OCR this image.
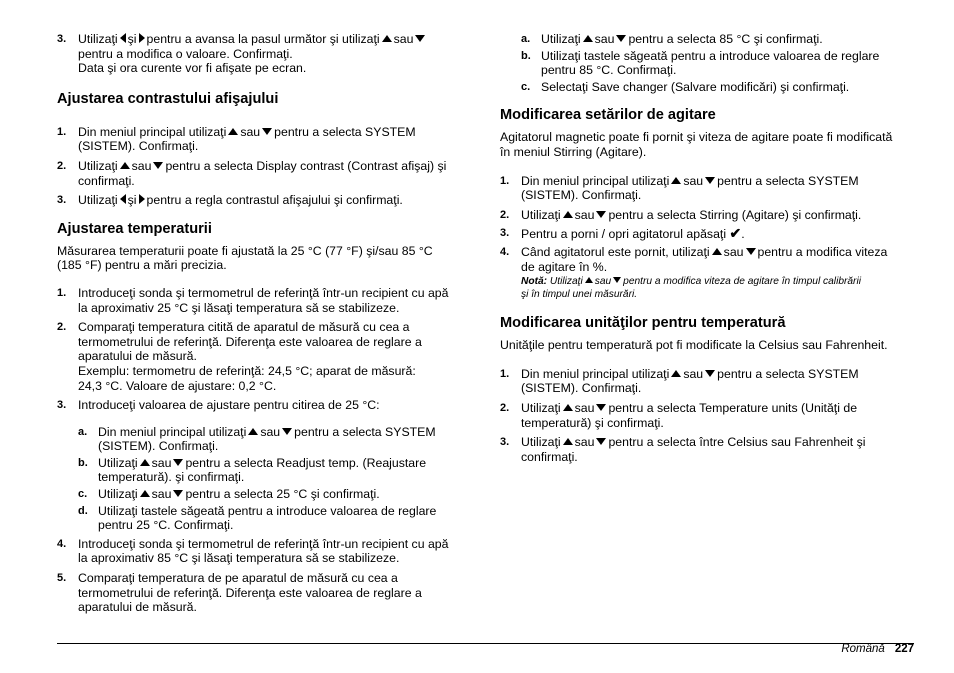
3. Utilizaţi şi pentru a avansa la pasul următor şi utilizaţi sau
pentru a modifica o valoare. Confirmaţi.
Data şi ora curente vor fi afişate pe ecran.
Ajustarea contrastului afişajului
1. Din meniul principal utilizaţi sau pentru a selecta SYSTEM
(SISTEM). Confirmaţi.
2. Utilizaţi sau pentru a selecta Display contrast (Contrast afişaj) şi
confirmaţi.
3. Utilizaţi şi pentru a regla contrastul afişajului şi confirmaţi.
Ajustarea temperaturii
Măsurarea temperaturii poate fi ajustată la 25 °C (77 °F) şi/sau 85 °C
(185 °F) pentru a mări precizia.
1. Introduceţi sonda şi termometrul de referinţă într-un recipient cu apă
la aproximativ 25 °C şi lăsaţi temperatura să se stabilizeze.
2. Comparaţi temperatura citită de aparatul de măsură cu cea a
termometrului de referinţă. Diferenţa este valoarea de reglare a
aparatului de măsură.
Exemplu: termometru de referinţă: 24,5 °C; aparat de măsură:
24,3 °C. Valoare de ajustare: 0,2 °C.
3. Introduceţi valoarea de ajustare pentru citirea de 25 °C:
a. Din meniul principal utilizaţi sau pentru a selecta SYSTEM
(SISTEM). Confirmaţi.
b. Utilizaţi sau pentru a selecta Readjust temp. (Reajustare
temperatură). şi confirmaţi.
c. Utilizaţi sau pentru a selecta 25 °C şi confirmaţi.
d. Utilizaţi tastele săgeată pentru a introduce valoarea de reglare
pentru 25 °C. Confirmaţi.
4. Introduceţi sonda şi termometrul de referinţă într-un recipient cu apă
la aproximativ 85 °C şi lăsaţi temperatura să se stabilizeze.
5. Comparaţi temperatura de pe aparatul de măsură cu cea a
termometrului de referinţă. Diferenţa este valoarea de reglare a
aparatului de măsură.
a. Utilizaţi sau pentru a selecta 85 °C şi confirmaţi.
b. Utilizaţi tastele săgeată pentru a introduce valoarea de reglare
pentru 85 °C. Confirmaţi.
c. Selectaţi Save changer (Salvare modificări) şi confirmaţi.
Modificarea setărilor de agitare
Agitatorul magnetic poate fi pornit şi viteza de agitare poate fi modificată
în meniul Stirring (Agitare).
1. Din meniul principal utilizaţi sau pentru a selecta SYSTEM
(SISTEM). Confirmaţi.
2. Utilizaţi sau pentru a selecta Stirring (Agitare) şi confirmaţi.
3. Pentru a porni / opri agitatorul apăsaţi ✔.
4. Când agitatorul este pornit, utilizaţi sau pentru a modifica viteza
de agitare în %.
Notă: Utilizaţi sau pentru a modifica viteza de agitare în timpul calibrării
şi în timpul unei măsurări.
Modificarea unităţilor pentru temperatură
Unităţile pentru temperatură pot fi modificate la Celsius sau Fahrenheit.
1. Din meniul principal utilizaţi sau pentru a selecta SYSTEM
(SISTEM). Confirmaţi.
2. Utilizaţi sau pentru a selecta Temperature units (Unităţi de
temperatură) şi confirmaţi.
3. Utilizaţi sau pentru a selecta între Celsius sau Fahrenheit şi
confirmaţi.
Română 227
